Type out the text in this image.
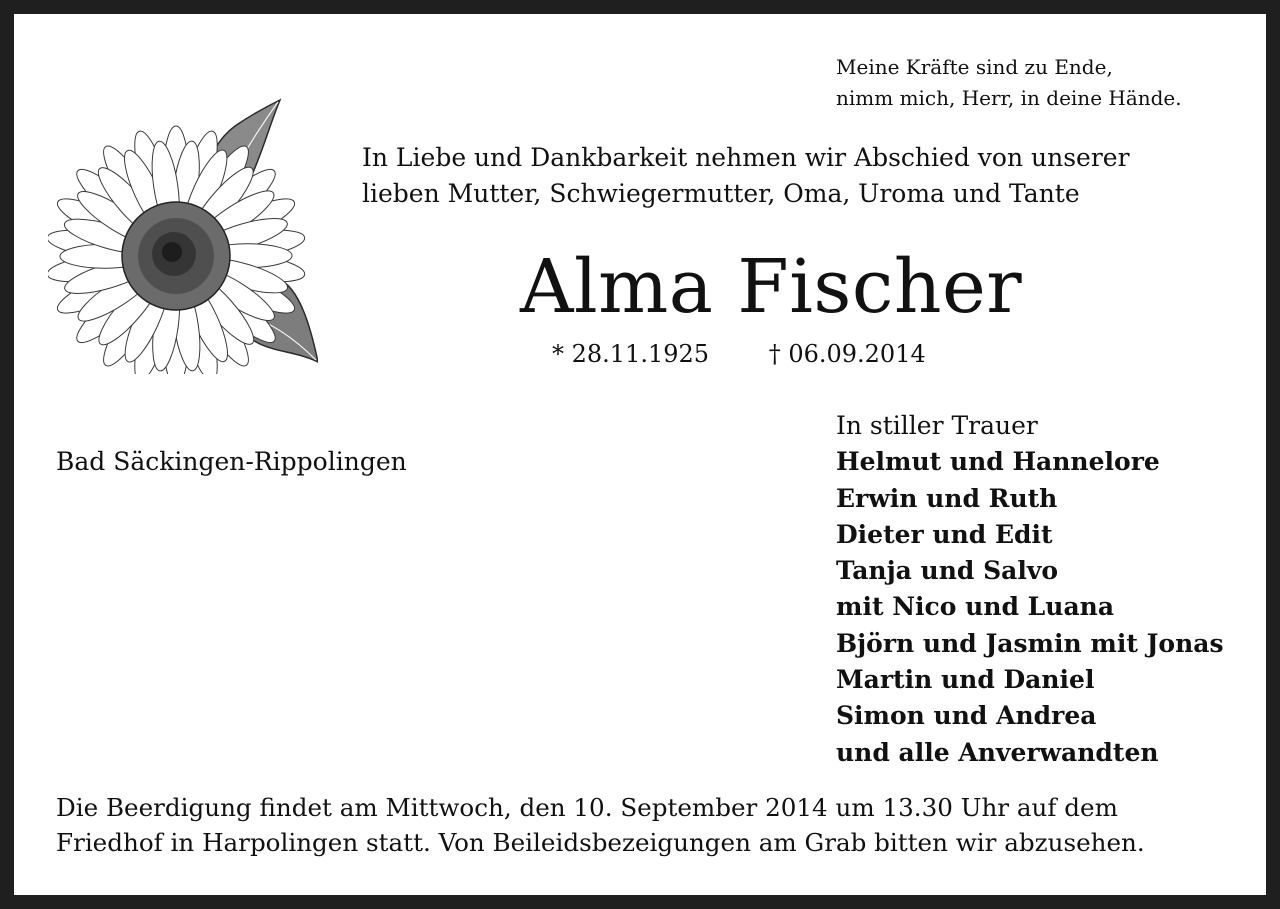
Meine Kräfte sind zu Ende,
nimm mich, Herr, in deine Hände.
In Liebe und Dankbarkeit nehmen wir Abschied von unserer
lieben Mutter, Schwiegermutter, Oma, Uroma und Tante
Alma Fischer
* 28.11.1925 † 06.09.2014
Bad Säckingen-Rippolingen
In stiller Trauer
Helmut und Hannelore
Erwin und Ruth
Dieter und Edit
Tanja und Salvo
mit Nico und Luana
Björn und Jasmin mit Jonas
Martin und Daniel
Simon und Andrea
und alle Anverwandten
Die Beerdigung findet am Mittwoch, den 10. September 2014 um 13.30 Uhr auf dem
Friedhof in Harpolingen statt. Von Beileidsbezeigungen am Grab bitten wir abzusehen.
